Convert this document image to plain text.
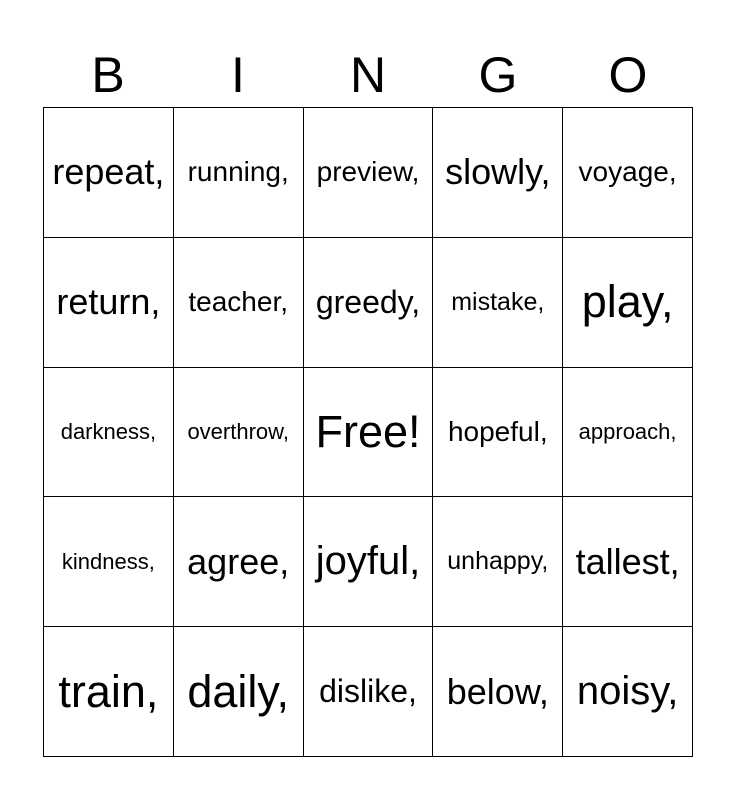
B	I	N	G	O
repeat, running, preview, slowly, voyage,
return, teacher, greedy, mistake, play,
darkness, overthrow, Free! hopeful, approach,
kindness, agree, joyful, unhappy, tallest,
train, daily, dislike, below, noisy,
